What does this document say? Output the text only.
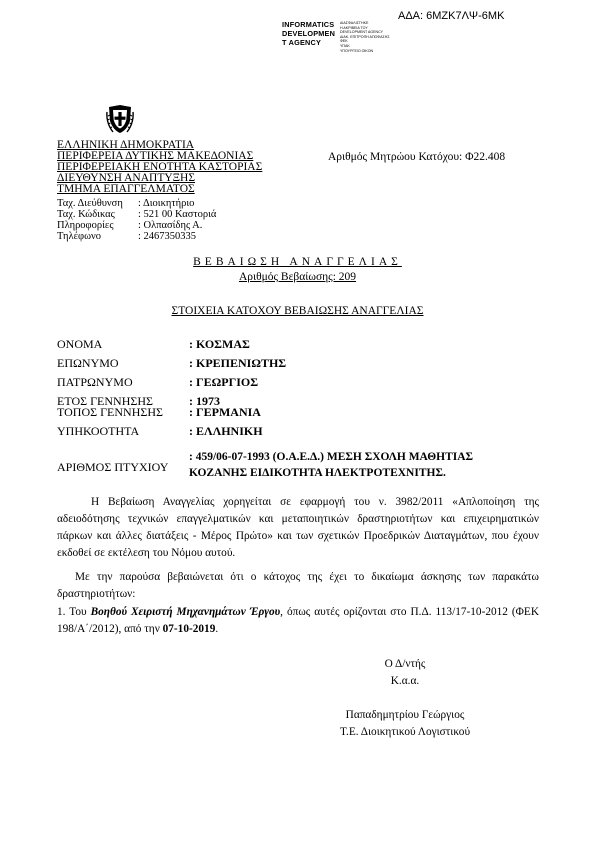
ΑΔΑ: 6ΜΖΚ7ΛΨ-6ΜΚ
INFORMATICS
DEVELOPMEN
T AGENCY
ΔΙΑΣΦΑΛΙΣΤΗΚΕ
Η ΑΚΡΙΒΕΙΑ ΤΟΥ
DEVELOPMENT AGENCY
ΔΙΑΚ. ΕΠΙΤΡΟΠΗ ΑΠΟΦΑΣΗΣ
ΦΕΚ
ΥΠΑΚ
ΥΠΟΥΡΓΕΙΟ ΟΙΚΟΝ
ΕΛΛΗΝΙΚΗ ΔΗΜΟΚΡΑΤΙΑ
ΠΕΡΙΦΕΡΕΙΑ ΔΥΤΙΚΗΣ ΜΑΚΕΔΟΝΙΑΣ
ΠΕΡΙΦΕΡΕΙΑΚΗ ΕΝΟΤΗΤΑ ΚΑΣΤΟΡΙΑΣ
ΔΙΕΥΘΥΝΣΗ ΑΝΑΠΤΥΞΗΣ
ΤΜΗΜΑ ΕΠΑΓΓΕΛΜΑΤΟΣ
Αριθμός Μητρώου Κατόχου: Φ22.408
Ταχ. Διεύθυνση : Διοικητήριο
Ταχ. Κώδικας : 521 00 Καστοριά
Πληροφορίες : Ολπασίδης Α.
Τηλέφωνο	: 2467350335
ΒΕΒΑΙΩΣΗ ΑΝΑΓΓΕΛΙΑΣ
Αριθμός Βεβαίωσης: 209
ΣΤΟΙΧΕΙΑ ΚΑΤΟΧΟΥ ΒΕΒΑΙΩΣΗΣ ΑΝΑΓΓΕΛΙΑΣ
ΟΝΟΜΑ	: ΚΟΣΜΑΣ
ΕΠΩΝΥΜΟ	: ΚΡΕΠΕΝΙΩΤΗΣ
ΠΑΤΡΩΝΥΜΟ	: ΓΕΩΡΓΙΟΣ
ΕΤΟΣ ΓΕΝΝΗΣΗΣ	: 1973
ΤΟΠΟΣ ΓΕΝΝΗΣΗΣ : ΓΕΡΜΑΝΙΑ
ΥΠΗΚΟΟΤΗΤΑ	: ΕΛΛΗΝΙΚΗ
ΑΡΙΘΜΟΣ ΠΤΥΧΙΟΥ
: 459/06-07-1993 (Ο.Α.Ε.Δ.) ΜΕΣΗ ΣΧΟΛΗ ΜΑΘΗΤΙΑΣ
ΚΟΖΑΝΗΣ ΕΙΔΙΚΟΤΗΤΑ ΗΛΕΚΤΡΟΤΕΧΝΙΤΗΣ.

Η Βεβαίωση Αναγγελίας χορηγείται σε εφαρμογή του ν. 3982/2011 «Απλοποίηση της αδειοδότησης τεχνικών επαγγελματικών και μεταποιητικών δραστηριοτήτων και επιχειρηματικών πάρκων και άλλες διατάξεις - Μέρος Πρώτο» και των σχετικών Προεδρικών Διαταγμάτων, που έχουν εκδοθεί σε εκτέλεση του Νόμου αυτού.

Με την παρούσα βεβαιώνεται ότι ο κάτοχος της έχει το δικαίωμα άσκησης των παρακάτω δραστηριοτήτων:

1. Του Βοηθού Χειριστή Μηχανημάτων Έργου, όπως αυτές ορίζονται στο Π.Δ. 113/17-10-2012 (ΦΕΚ 198/Α΄/2012), από την 07-10-2019.

Ο Δ/ντής
Κ.α.α.
Παπαδημητρίου Γεώργιος
Τ.Ε. Διοικητικού Λογιστικού
